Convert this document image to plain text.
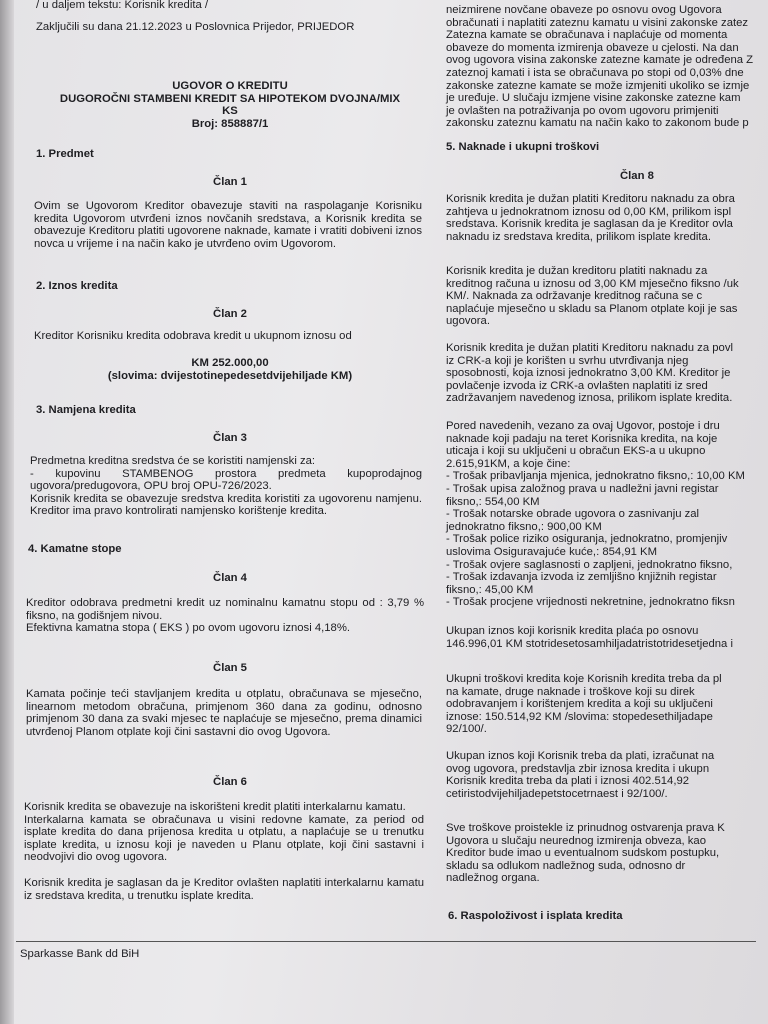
/ u daljem tekstu: Korisnik kredita /
Zaključili su dana 21.12.2023 u Poslovnica Prijedor, PRIJEDOR
UGOVOR O KREDITU
DUGOROČNI STAMBENI KREDIT SA HIPOTEKOM DVOJNA/MIX
KS
Broj: 858887/1
1. Predmet
Član 1
Ovim se Ugovorom Kreditor obavezuje staviti na raspolaganje Korisniku kredita Ugovorom utvrđeni iznos novčanih sredstava, a Korisnik kredita se obavezuje Kreditoru platiti ugovorene naknade, kamate i vratiti dobiveni iznos novca u vrijeme i na način kako je utvrđeno ovim Ugovorom.
2. Iznos kredita
Član 2
Kreditor Korisniku kredita odobrava kredit u ukupnom iznosu od
KM 252.000,00
(slovima: dvijestotinepedesetdvijehiljade KM)
3. Namjena kredita
Član 3
Predmetna kreditna sredstva će se koristiti namjenski za:
- kupovinu STAMBENOG prostora predmeta kupoprodajnog ugovora/predugovora, OPU broj OPU-726/2023.
Korisnik kredita se obavezuje sredstva kredita koristiti za ugovorenu namjenu. Kreditor ima pravo kontrolirati namjensko korištenje kredita.
4. Kamatne stope
Član 4
Kreditor odobrava predmetni kredit uz nominalnu kamatnu stopu od : 3,79 % fiksno, na godišnjem nivou.
Efektivna kamatna stopa ( EKS ) po ovom ugovoru iznosi 4,18%.
Član 5
Kamata počinje teći stavljanjem kredita u otplatu, obračunava se mjesečno, linearnom metodom obračuna, primjenom 360 dana za godinu, odnosno primjenom 30 dana za svaki mjesec te naplaćuje se mjesečno, prema dinamici utvrđenoj Planom otplate koji čini sastavni dio ovog Ugovora.
Član 6
Korisnik kredita se obavezuje na iskorišteni kredit platiti interkalarnu kamatu.
Interkalarna kamata se obračunava u visini redovne kamate, za period od isplate kredita do dana prijenosa kredita u otplatu, a naplaćuje se u trenutku isplate kredita, u iznosu koji je naveden u Planu otplate, koji čini sastavni i neodvojivi dio ovog ugovora.
Korisnik kredita je saglasan da je Kreditor ovlašten naplatiti interkalarnu kamatu iz sredstava kredita, u trenutku isplate kredita.
neizmirene novčane obaveze po osnovu ovog Ugovora
obračunati i naplatiti zateznu kamatu u visini zakonske zatez
Zatezna kamate se obračunava i naplaćuje od momenta
obaveze do momenta izmirenja obaveze u cjelosti. Na dan
ovog ugovora visina zakonske zatezne kamate je određena Z
zateznoj kamati i ista se obračunava po stopi od 0,03% dne
zakonske zatezne kamate se može izmjeniti ukoliko se izmje
je uređuje. U slučaju izmjene visine zakonske zatezne kam
je ovlašten na potraživanja po ovom ugovoru primjeniti
zakonsku zateznu kamatu na način kako to zakonom bude p
5. Naknade i ukupni troškovi
Član 8
Korisnik kredita je dužan platiti Kreditoru naknadu za obra
zahtjeva u jednokratnom iznosu od 0,00 KM, prilikom ispl
sredstava. Korisnik kredita je saglasan da je Kreditor ovla
naknadu iz sredstava kredita, prilikom isplate kredita.
Korisnik kredita je dužan kreditoru platiti naknadu za
kreditnog računa u iznosu od 3,00 KM mjesečno fiksno /uk
KM/. Naknada za održavanje kreditnog računa se c
naplaćuje mjesečno u skladu sa Planom otplate koji je sas
ugovora.
Korisnik kredita je dužan platiti Kreditoru naknadu za povl
iz CRK-a koji je korišten u svrhu utvrđivanja njeg
sposobnosti, koja iznosi jednokratno 3,00 KM. Kreditor je
povlačenje izvoda iz CRK-a ovlašten naplatiti iz sred
zadržavanjem navedenog iznosa, prilikom isplate kredita.
Pored navedenih, vezano za ovaj Ugovor, postoje i dru
naknade koji padaju na teret Korisnika kredita, na koje
uticaja i koji su uključeni u obračun EKS-a u ukupno
2.615,91KM, a koje čine:
- Trošak pribavljanja mjenica, jednokratno fiksno,: 10,00 KM
- Trošak upisa založnog prava u nadležni javni registar
fiksno,: 554,00 KM
- Trošak notarske obrade ugovora o zasnivanju zal
jednokratno fiksno,: 900,00 KM
- Trošak police riziko osiguranja, jednokratno, promjenjiv
uslovima Osiguravajuće kuće,: 854,91 KM
- Trošak ovjere saglasnosti o zapljeni, jednokratno fiksno,
- Trošak izdavanja izvoda iz zemljišno knjižnih registar
fiksno,: 45,00 KM
- Trošak procjene vrijednosti nekretnine, jednokratno fiksn
Ukupan iznos koji korisnik kredita plaća po osnovu
146.996,01 KM stotridesetosamhiljadatristotridesetjedna i
Ukupni troškovi kredita koje Korisnih kredita treba da pl
na kamate, druge naknade i troškove koji su direk
odobravanjem i korištenjem kredita a koji su uključeni
iznose: 150.514,92 KM /slovima: stopedesethiljadape
92/100/.
Ukupan iznos koji Korisnik treba da plati, izračunat na
ovog ugovora, predstavlja zbir iznosa kredita i ukupn
Korisnik kredita treba da plati i iznosi 402.514,92
cetiristodvijehiljadepetstocetrnaest i 92/100/.
Sve troškove proistekle iz prinudnog ostvarenja prava K
Ugovora u slučaju neurednog izmirenja obveza, kao
Kreditor bude imao u eventualnom sudskom postupku,
skladu sa odlukom nadležnog suda, odnosno dr
nadležnog organa.
6. Raspoloživost i isplata kredita
Sparkasse Bank dd BiH
